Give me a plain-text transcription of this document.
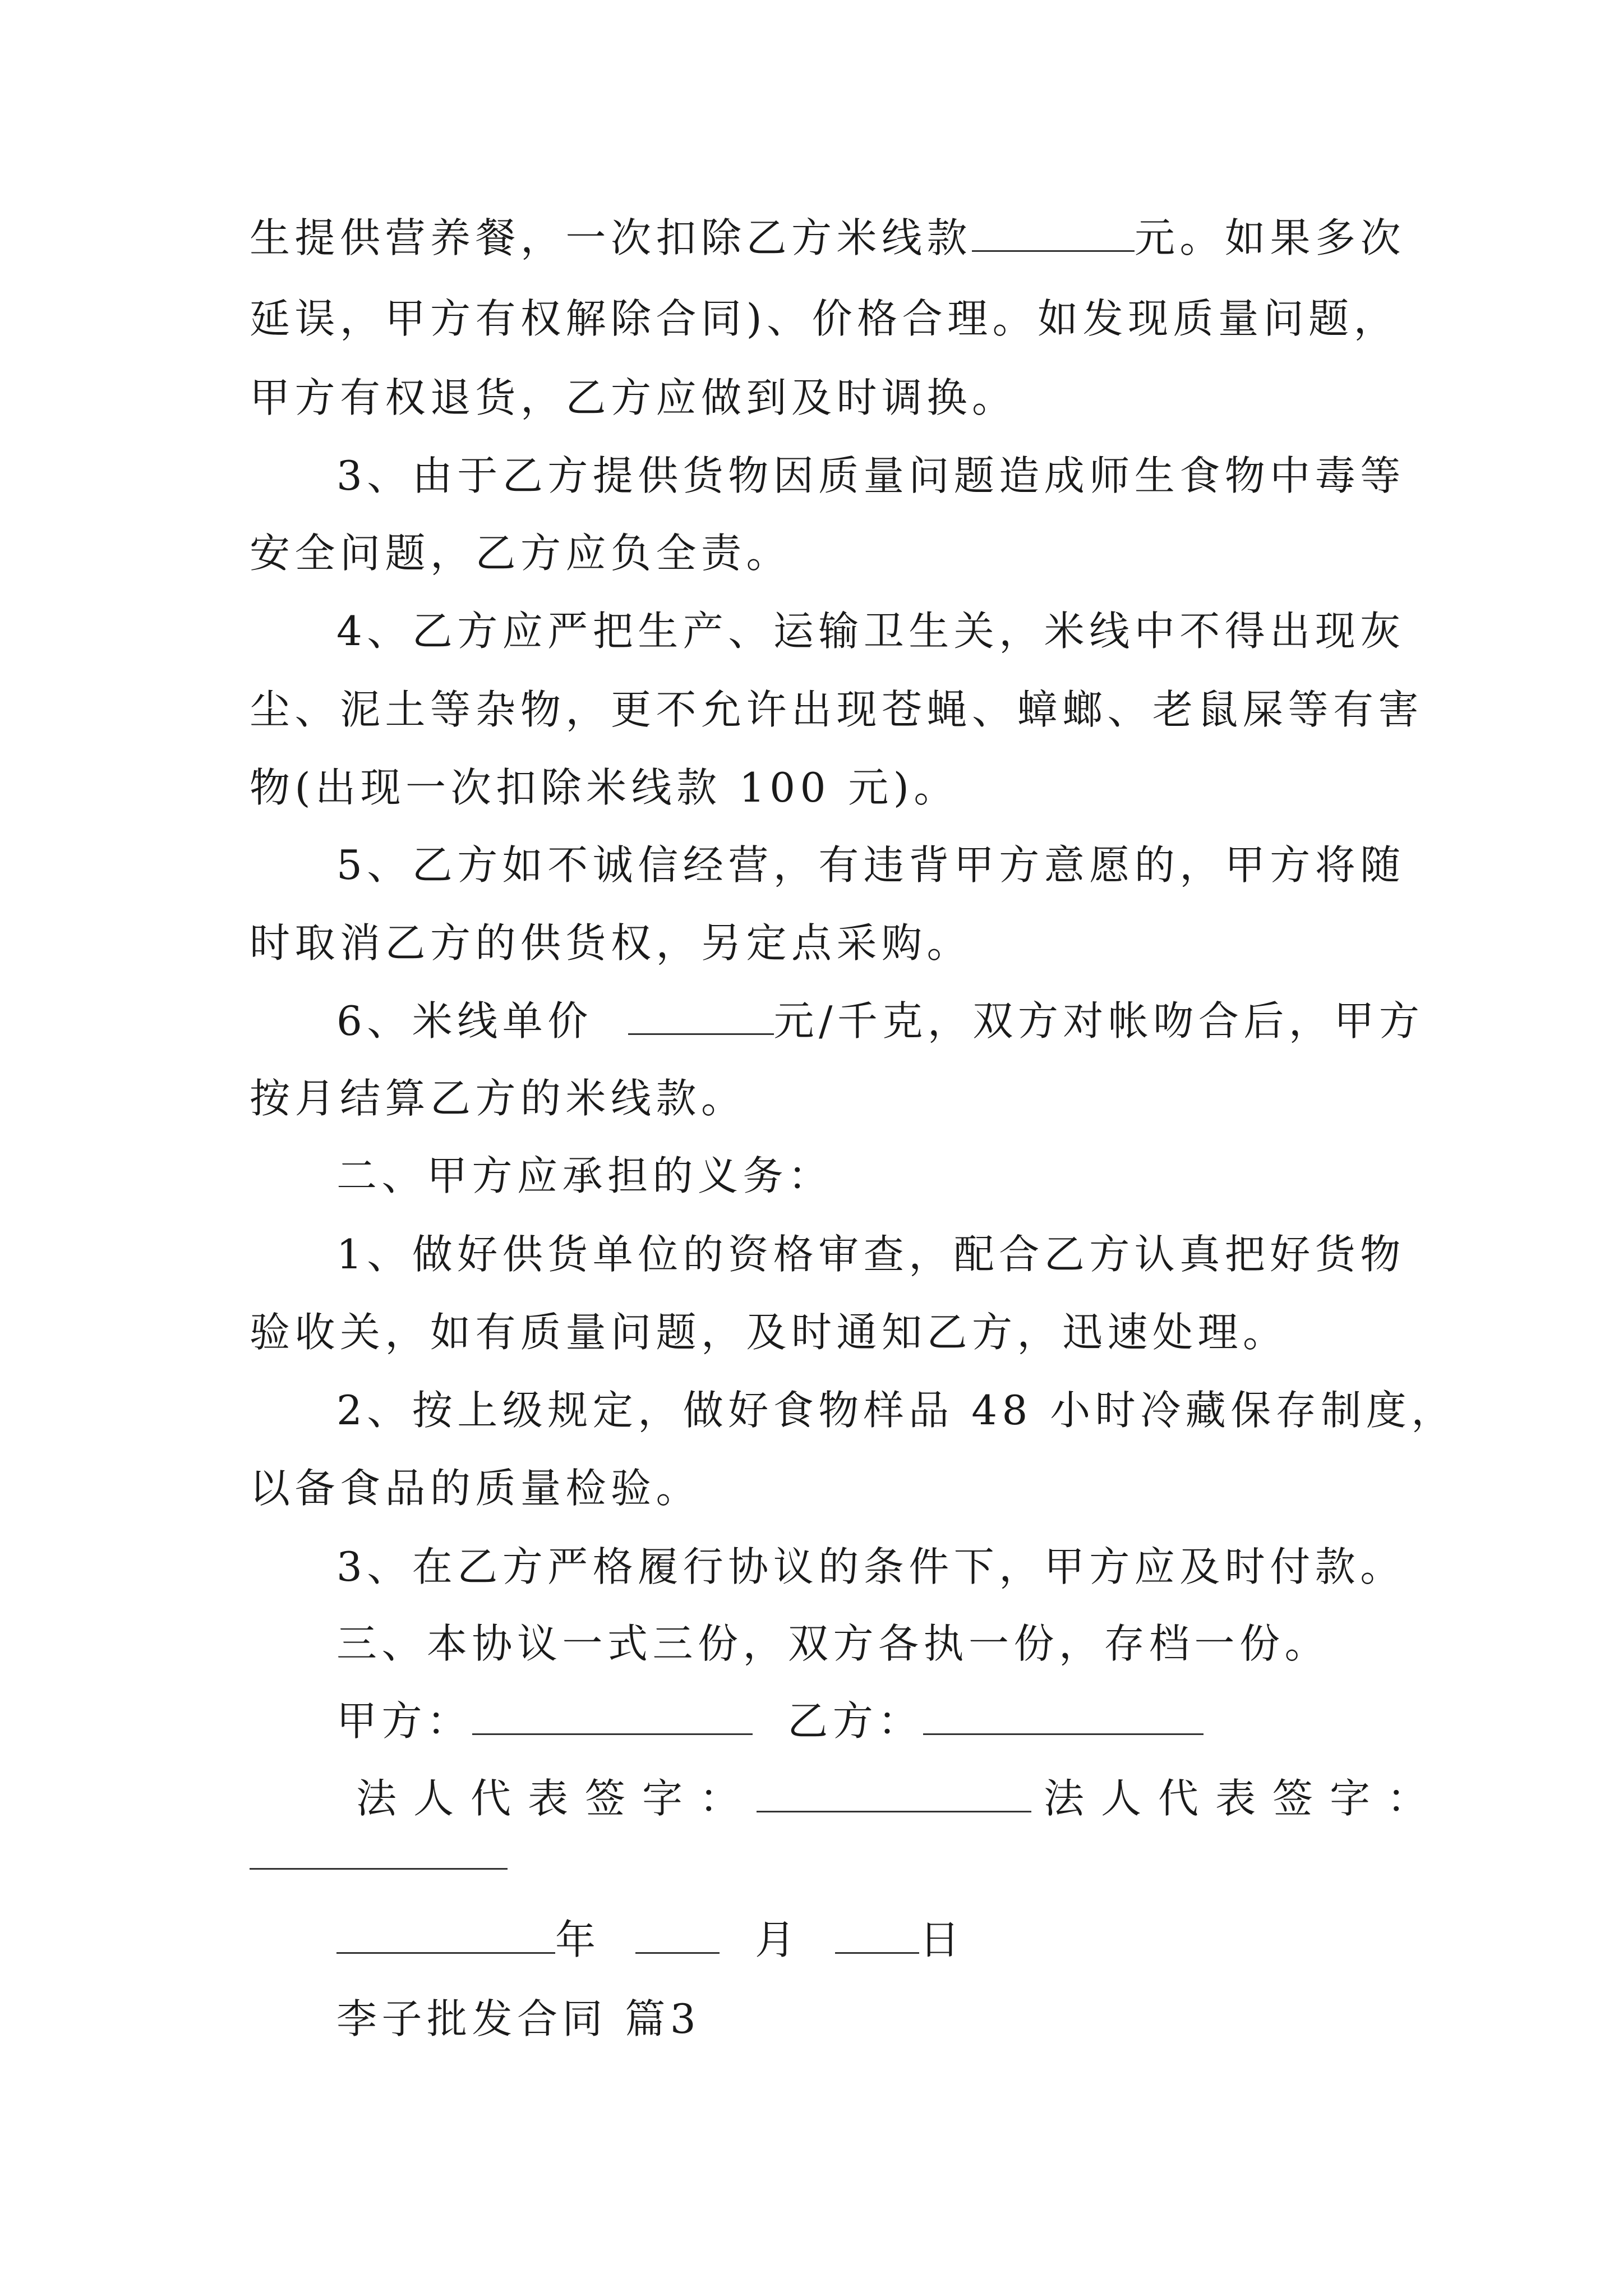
生提供营养餐，一次扣除乙方米线款	元。如果多次
延误，甲方有权解除合同)、价格合理。如发现质量问题，
甲方有权退货，乙方应做到及时调换。
3、由于乙方提供货物因质量问题造成师生食物中毒等
安全问题，乙方应负全责。
4、乙方应严把生产、运输卫生关，米线中不得出现灰
尘、泥土等杂物，更不允许出现苍蝇、蟑螂、老鼠屎等有害
物(出现一次扣除米线款 100 元)。
5、乙方如不诚信经营，有违背甲方意愿的，甲方将随
时取消乙方的供货权，另定点采购。
6、米线单价	元/千克，双方对帐吻合后，甲方
按月结算乙方的米线款。
二、甲方应承担的义务：
1、做好供货单位的资格审查，配合乙方认真把好货物
验收关，如有质量问题，及时通知乙方，迅速处理。
2、按上级规定，做好食物样品 48 小时冷藏保存制度，
以备食品的质量检验。
3、在乙方严格履行协议的条件下，甲方应及时付款。
三、本协议一式三份，双方各执一份，存档一份。
甲方：	乙方：
法人代表签字：	法人代表签字：
年	月	日
李子批发合同 篇3
